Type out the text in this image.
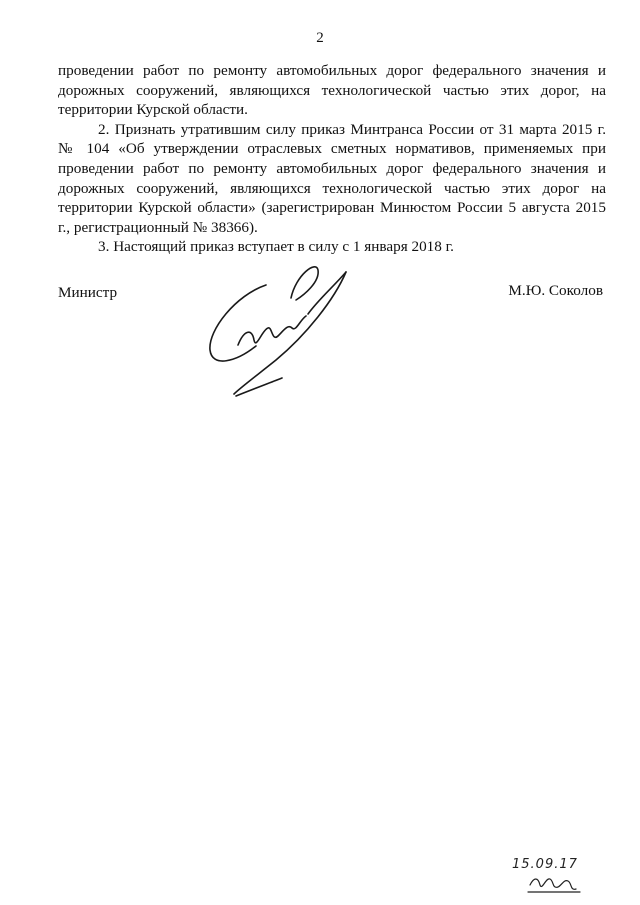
2

проведении работ по ремонту автомобильных дорог федерального значения и дорожных сооружений, являющихся технологической частью этих дорог, на территории Курской области.

2. Признать утратившим силу приказ Минтранса России от 31 марта 2015 г. № 104 «Об утверждении отраслевых сметных нормативов, применяемых при проведении работ по ремонту автомобильных дорог федерального значения и дорожных сооружений, являющихся технологической частью этих дорог на территории Курской области» (зарегистрирован Минюстом России 5 августа 2015 г., регистрационный № 38366).

3. Настоящий приказ вступает в силу с 1 января 2018 г.

Министр	М.Ю. Соколов
15.09.17
